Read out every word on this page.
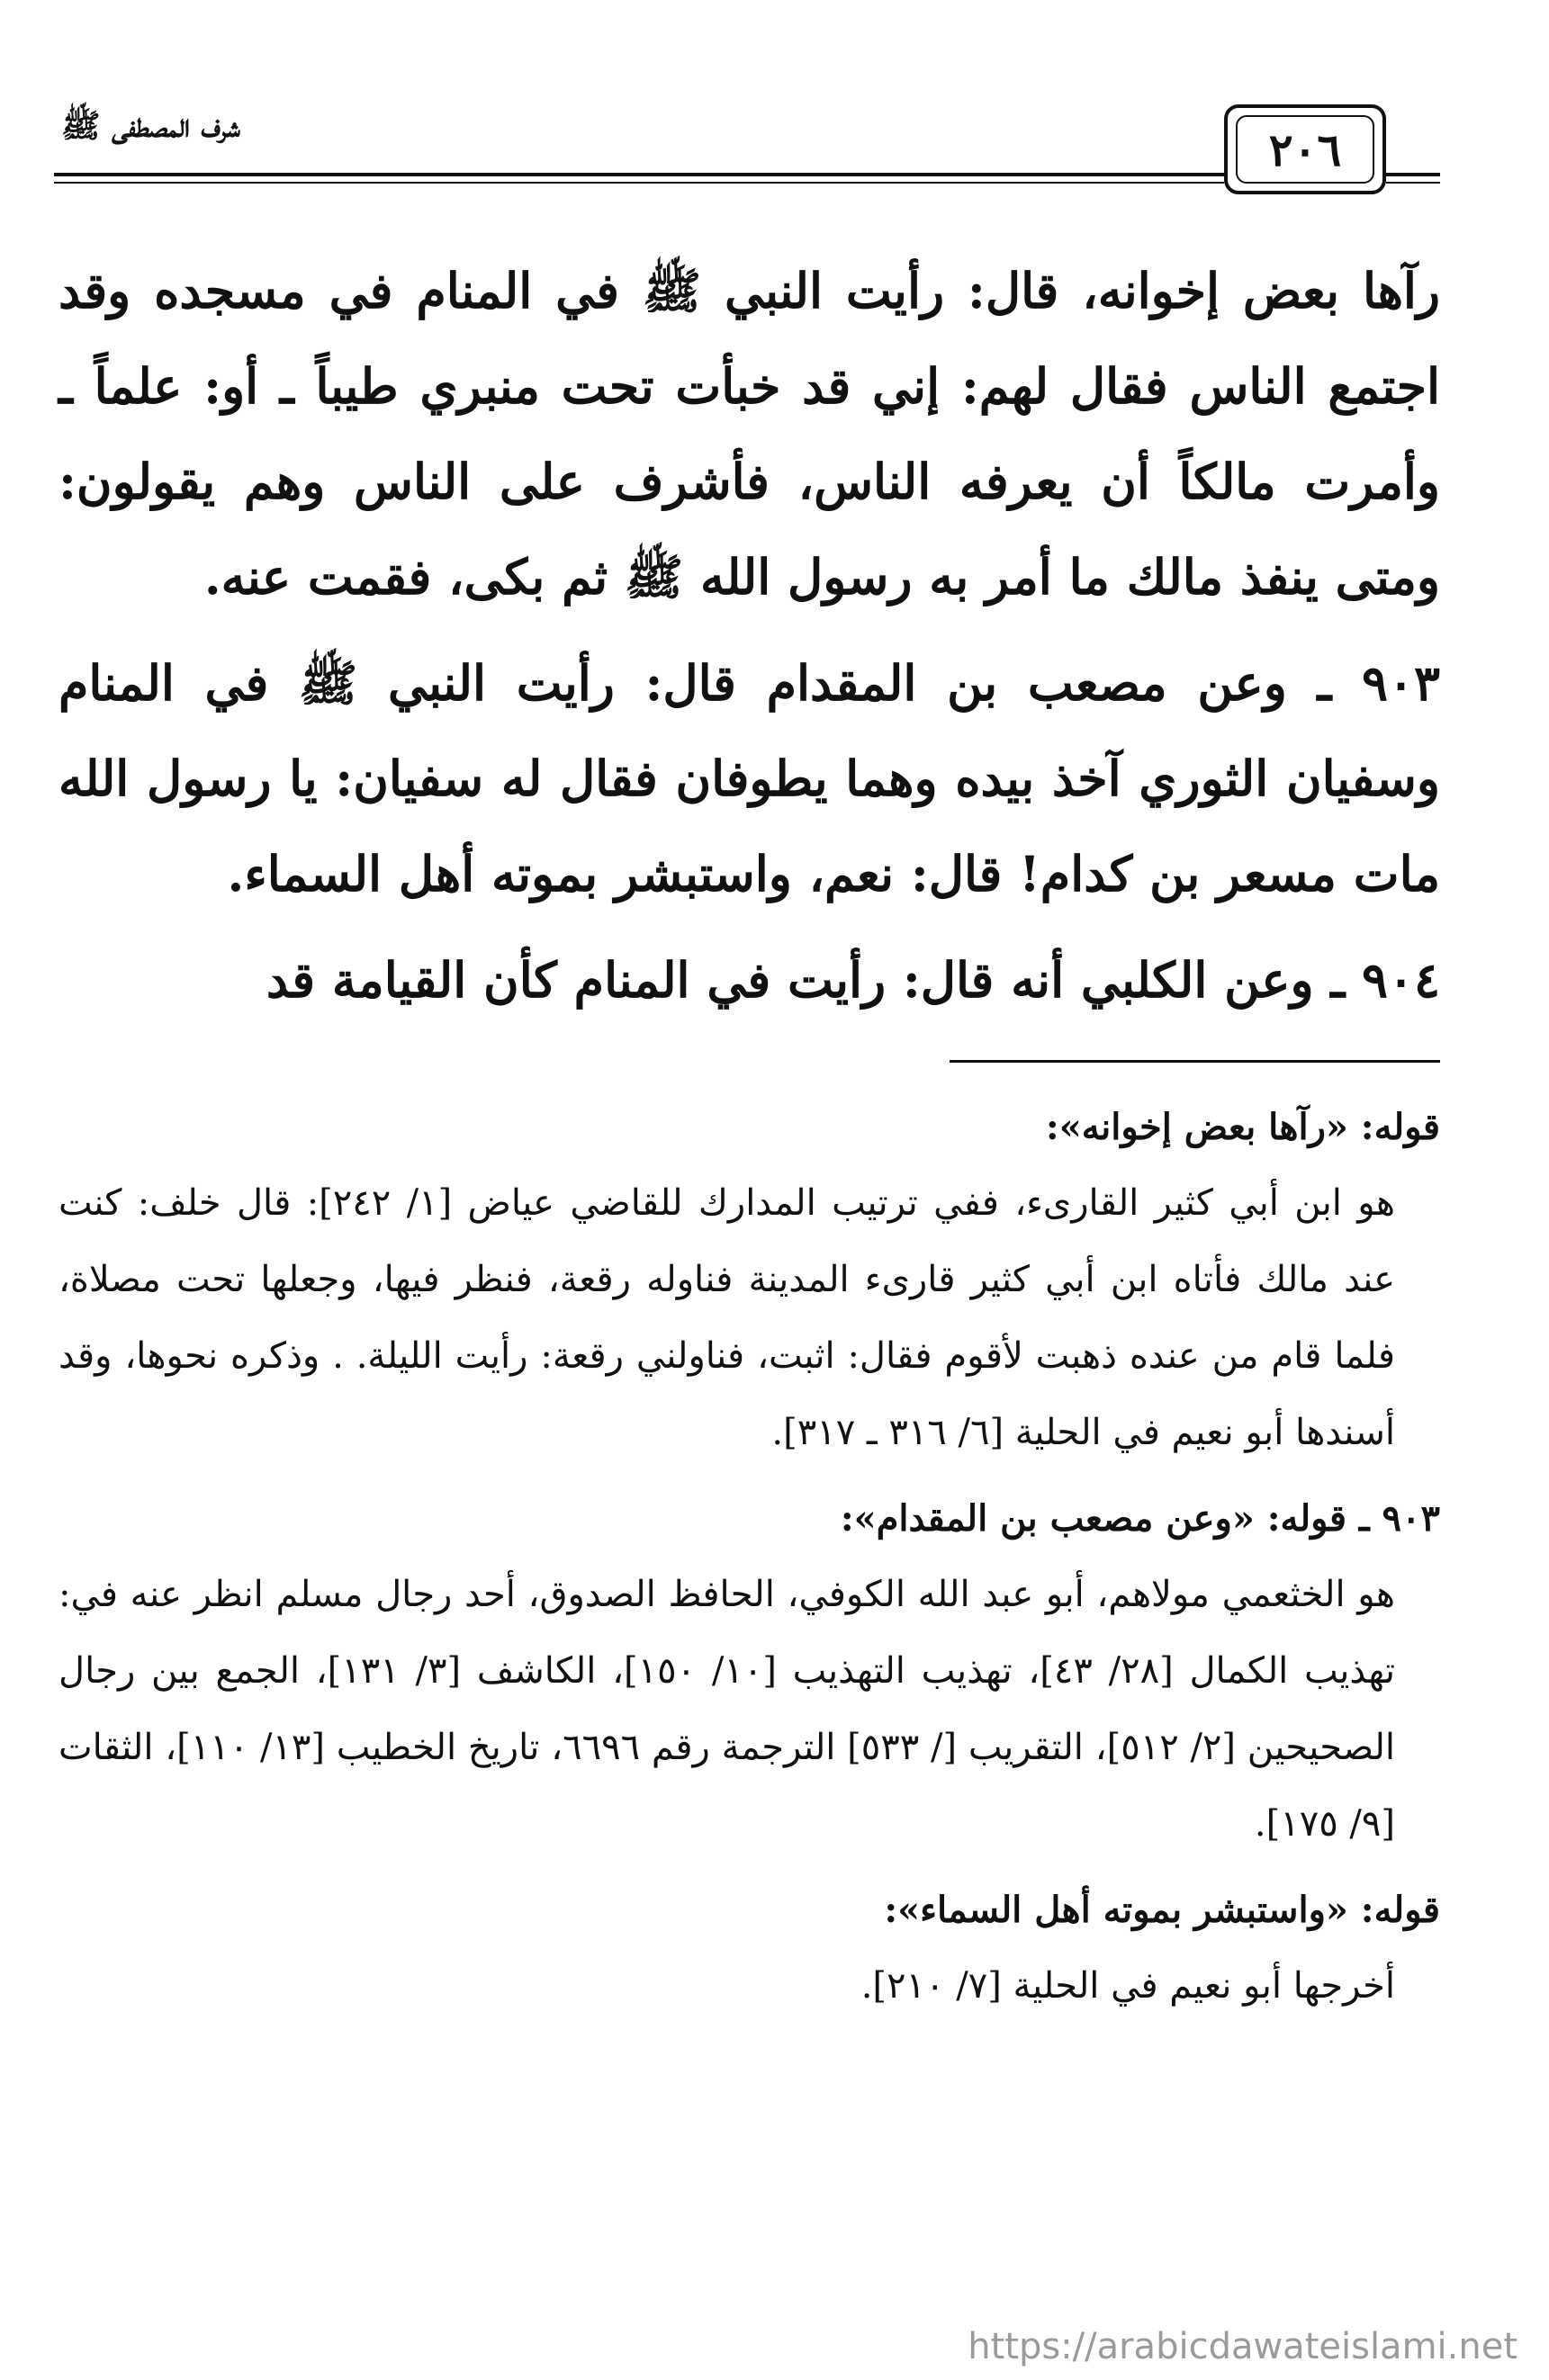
شرف المصطفى ﷺ	٢٠٦

رآها بعض إخوانه، قال: رأيت النبي ﷺ في المنام في مسجده وقد اجتمع الناس فقال لهم: إني قد خبأت تحت منبري طيباً ـ أو: علماً ـ وأمرت مالكاً أن يعرفه الناس، فأشرف على الناس وهم يقولون: ومتى ينفذ مالك ما أمر به رسول الله ﷺ ثم بكى، فقمت عنه.

٩٠٣ ـ وعن مصعب بن المقدام قال: رأيت النبي ﷺ في المنام وسفيان الثوري آخذ بيده وهما يطوفان فقال له سفيان: يا رسول الله مات مسعر بن كدام! قال: نعم، واستبشر بموته أهل السماء.

٩٠٤ ـ وعن الكلبي أنه قال: رأيت في المنام كأن القيامة قد

قوله: «رآها بعض إخوانه»:

هو ابن أبي كثير القارىء، ففي ترتيب المدارك للقاضي عياض [١/ ٢٤٢]: قال خلف: كنت عند مالك فأتاه ابن أبي كثير قارىء المدينة فناوله رقعة، فنظر فيها، وجعلها تحت مصلاة، فلما قام من عنده ذهبت لأقوم فقال: اثبت، فناولني رقعة: رأيت الليلة. . وذكره نحوها، وقد أسندها أبو نعيم في الحلية [٦/ ٣١٦ ـ ٣١٧].

٩٠٣ ـ قوله: «وعن مصعب بن المقدام»:

هو الخثعمي مولاهم، أبو عبد الله الكوفي، الحافظ الصدوق، أحد رجال مسلم انظر عنه في: تهذيب الكمال [٢٨/ ٤٣]، تهذيب التهذيب [١٠/ ١٥٠]، الكاشف [٣/ ١٣١]، الجمع بين رجال الصحيحين [٢/ ٥١٢]، التقريب [/ ٥٣٣] الترجمة رقم ٦٦٩٦، تاريخ الخطيب [١٣/ ١١٠]، الثقات [٩/ ١٧٥].

قوله: «واستبشر بموته أهل السماء»:

أخرجها أبو نعيم في الحلية [٧/ ٢١٠].

https://arabicdawateislami.net
